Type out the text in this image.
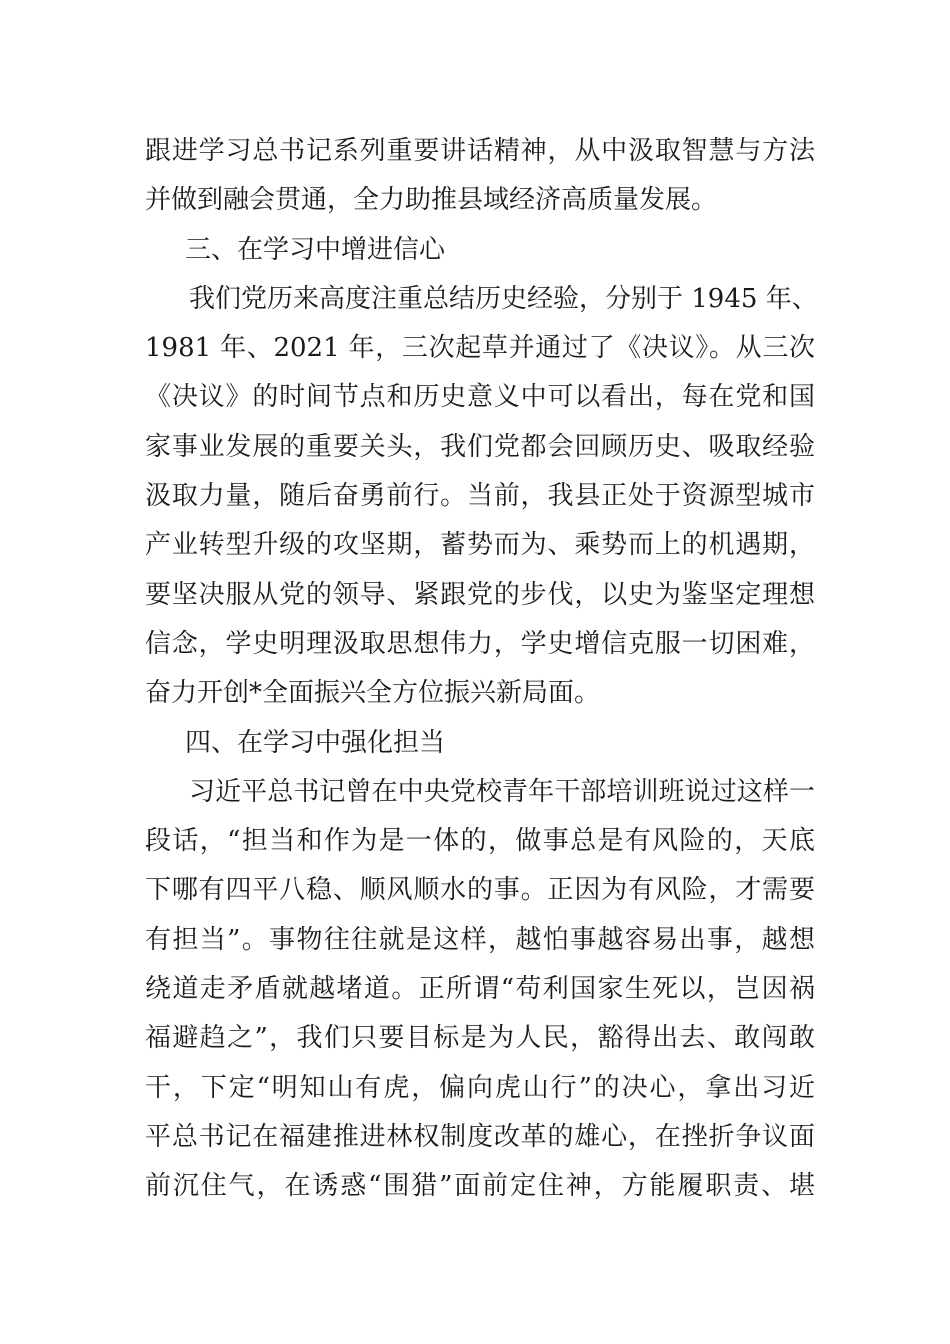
跟进学习总书记系列重要讲话精神，从中汲取智慧与方法
并做到融会贯通，全力助推县域经济高质量发展。
三、在学习中增进信心
我们党历来高度注重总结历史经验，分别于 1945 年、
1981 年、2021 年，三次起草并通过了《决议》。从三次
《决议》的时间节点和历史意义中可以看出，每在党和国
家事业发展的重要关头，我们党都会回顾历史、吸取经验
汲取力量，随后奋勇前行。当前，我县正处于资源型城市
产业转型升级的攻坚期，蓄势而为、乘势而上的机遇期，
要坚决服从党的领导、紧跟党的步伐，以史为鉴坚定理想
信念，学史明理汲取思想伟力，学史增信克服一切困难，
奋力开创*全面振兴全方位振兴新局面。
四、在学习中强化担当
习近平总书记曾在中央党校青年干部培训班说过这样一
段话，“担当和作为是一体的，做事总是有风险的，天底
下哪有四平八稳、顺风顺水的事。正因为有风险，才需要
有担当”。事物往往就是这样，越怕事越容易出事，越想
绕道走矛盾就越堵道。正所谓“苟利国家生死以，岂因祸
福避趋之”，我们只要目标是为人民，豁得出去、敢闯敢
干，下定“明知山有虎，偏向虎山行”的决心，拿出习近
平总书记在福建推进林权制度改革的雄心，在挫折争议面
前沉住气，在诱惑“围猎”面前定住神，方能履职责、堪
